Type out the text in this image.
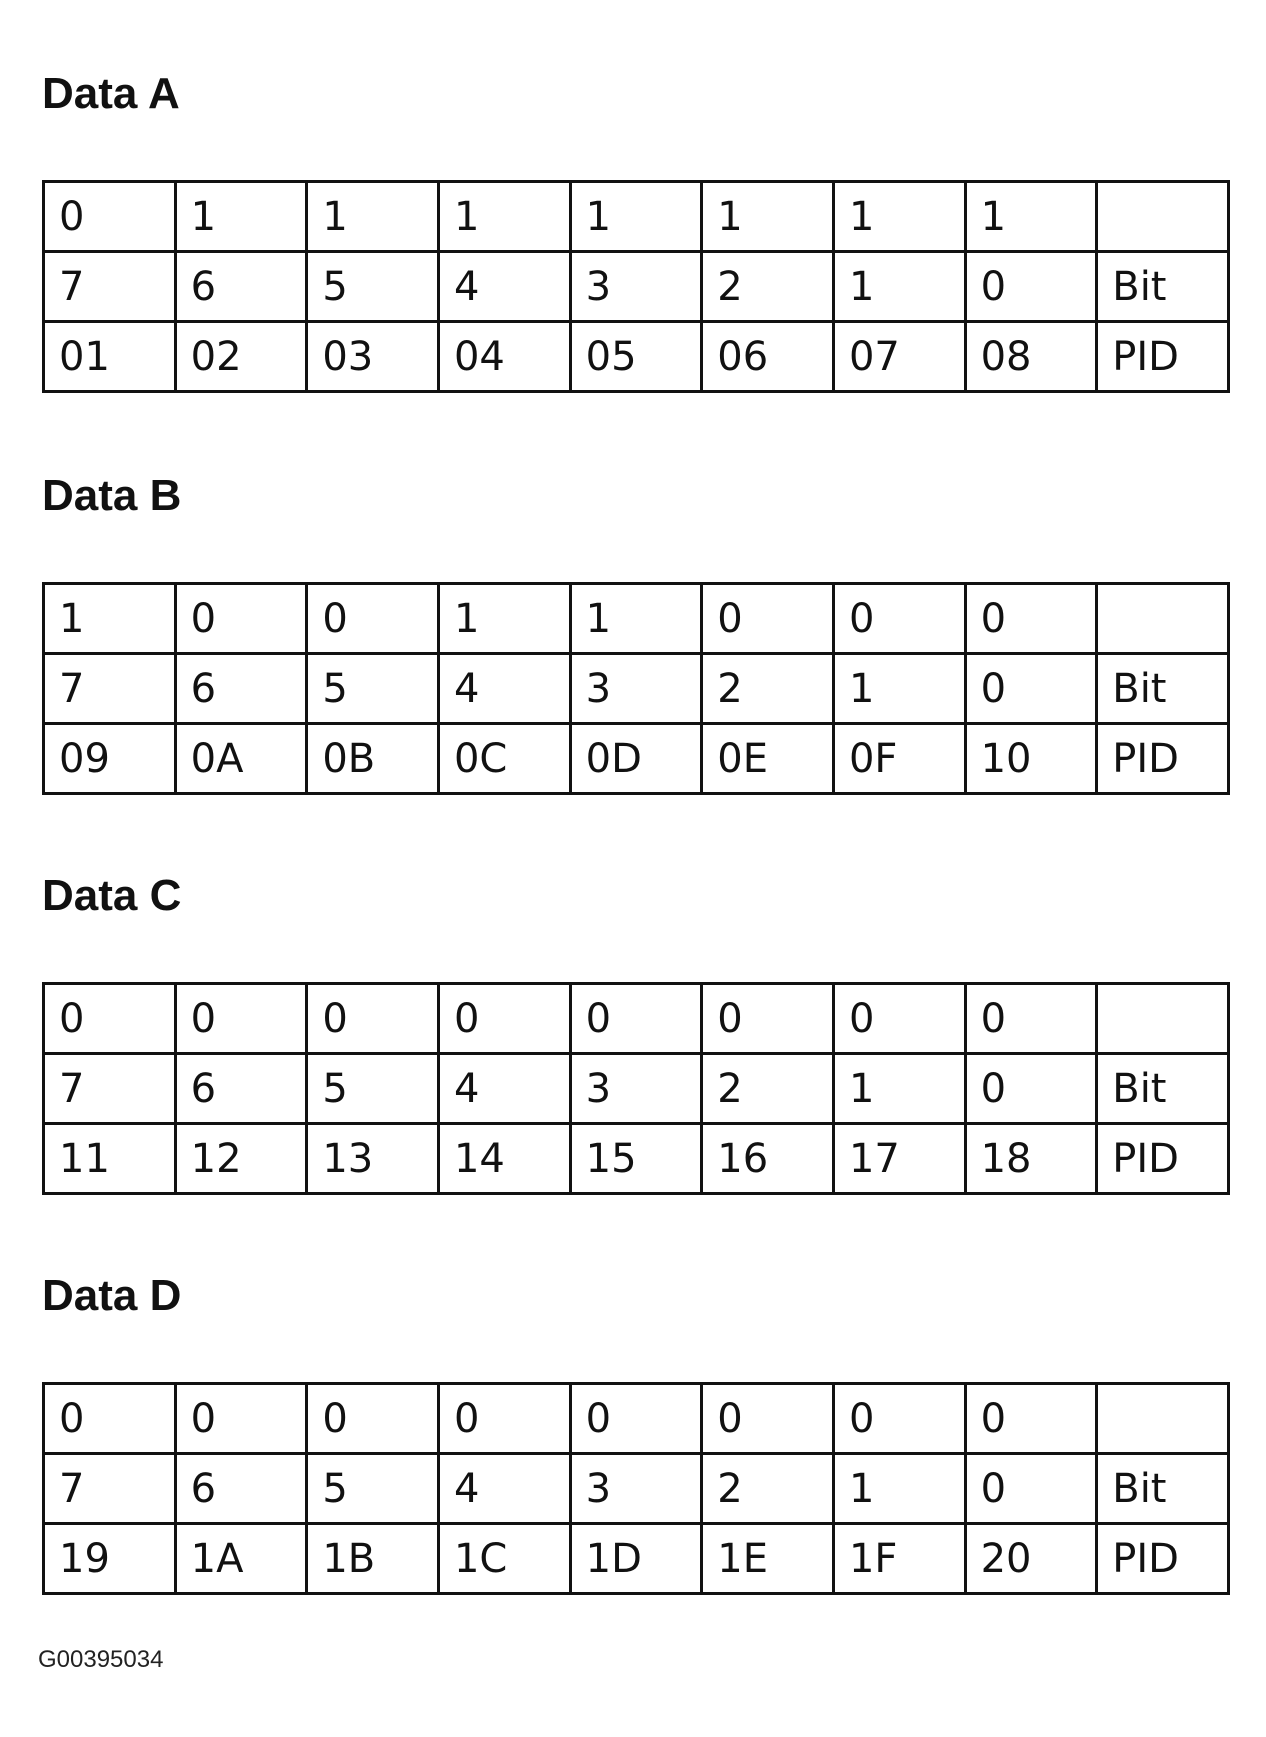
Data A
0	1	1	1	1	1	1	1	
7	6	5	4	3	2	1	0	Bit
01	02	03	04	05	06	07	08	PID
Data B
1	0	0	1	1	0	0	0	
7	6	5	4	3	2	1	0	Bit
09	0A	0B	0C	0D	0E	0F	10	PID
Data C
0	0	0	0	0	0	0	0	
7	6	5	4	3	2	1	0	Bit
11	12	13	14	15	16	17	18	PID
Data D
0	0	0	0	0	0	0	0	
7	6	5	4	3	2	1	0	Bit
19	1A	1B	1C	1D	1E	1F	20	PID
G00395034
